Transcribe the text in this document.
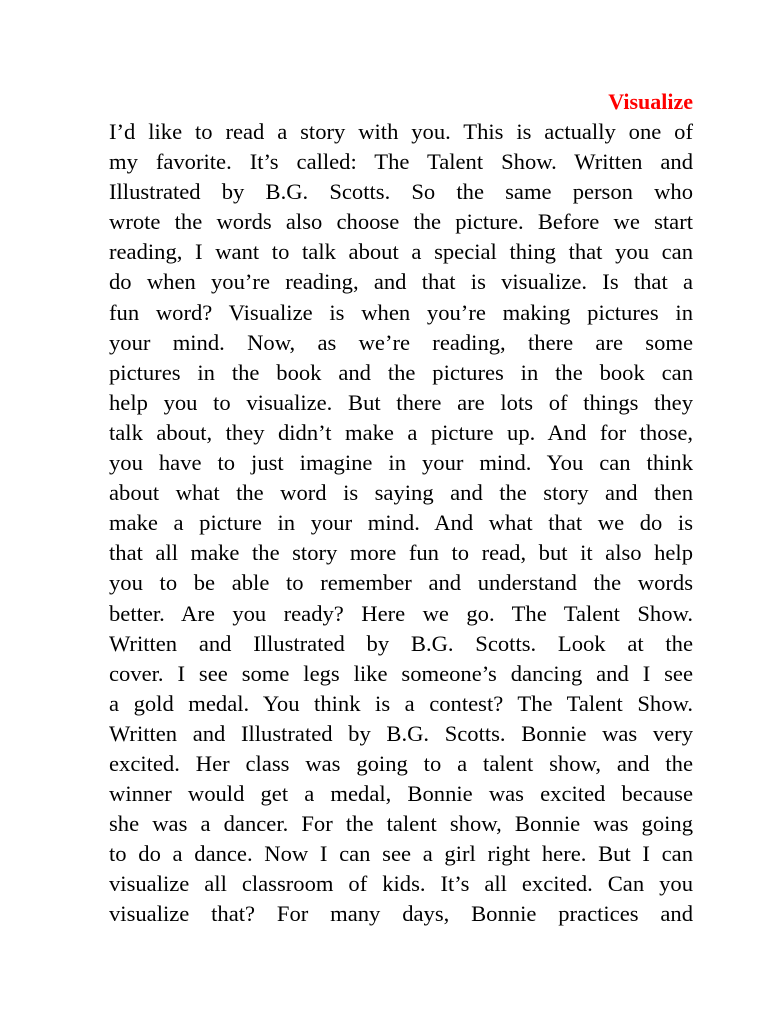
Visualize
I’d like to read a story with you. This is actually one of
my favorite. It’s called: The Talent Show. Written and
Illustrated by B.G. Scotts. So the same person who
wrote the words also choose the picture. Before we start
reading, I want to talk about a special thing that you can
do when you’re reading, and that is visualize. Is that a
fun word? Visualize is when you’re making pictures in
your mind. Now, as we’re reading, there are some
pictures in the book and the pictures in the book can
help you to visualize. But there are lots of things they
talk about, they didn’t make a picture up. And for those,
you have to just imagine in your mind. You can think
about what the word is saying and the story and then
make a picture in your mind. And what that we do is
that all make the story more fun to read, but it also help
you to be able to remember and understand the words
better. Are you ready? Here we go. The Talent Show.
Written and Illustrated by B.G. Scotts. Look at the
cover. I see some legs like someone’s dancing and I see
a gold medal. You think is a contest? The Talent Show.
Written and Illustrated by B.G. Scotts. Bonnie was very
excited. Her class was going to a talent show, and the
winner would get a medal, Bonnie was excited because
she was a dancer. For the talent show, Bonnie was going
to do a dance. Now I can see a girl right here. But I can
visualize all classroom of kids. It’s all excited. Can you
visualize that? For many days, Bonnie practices and
